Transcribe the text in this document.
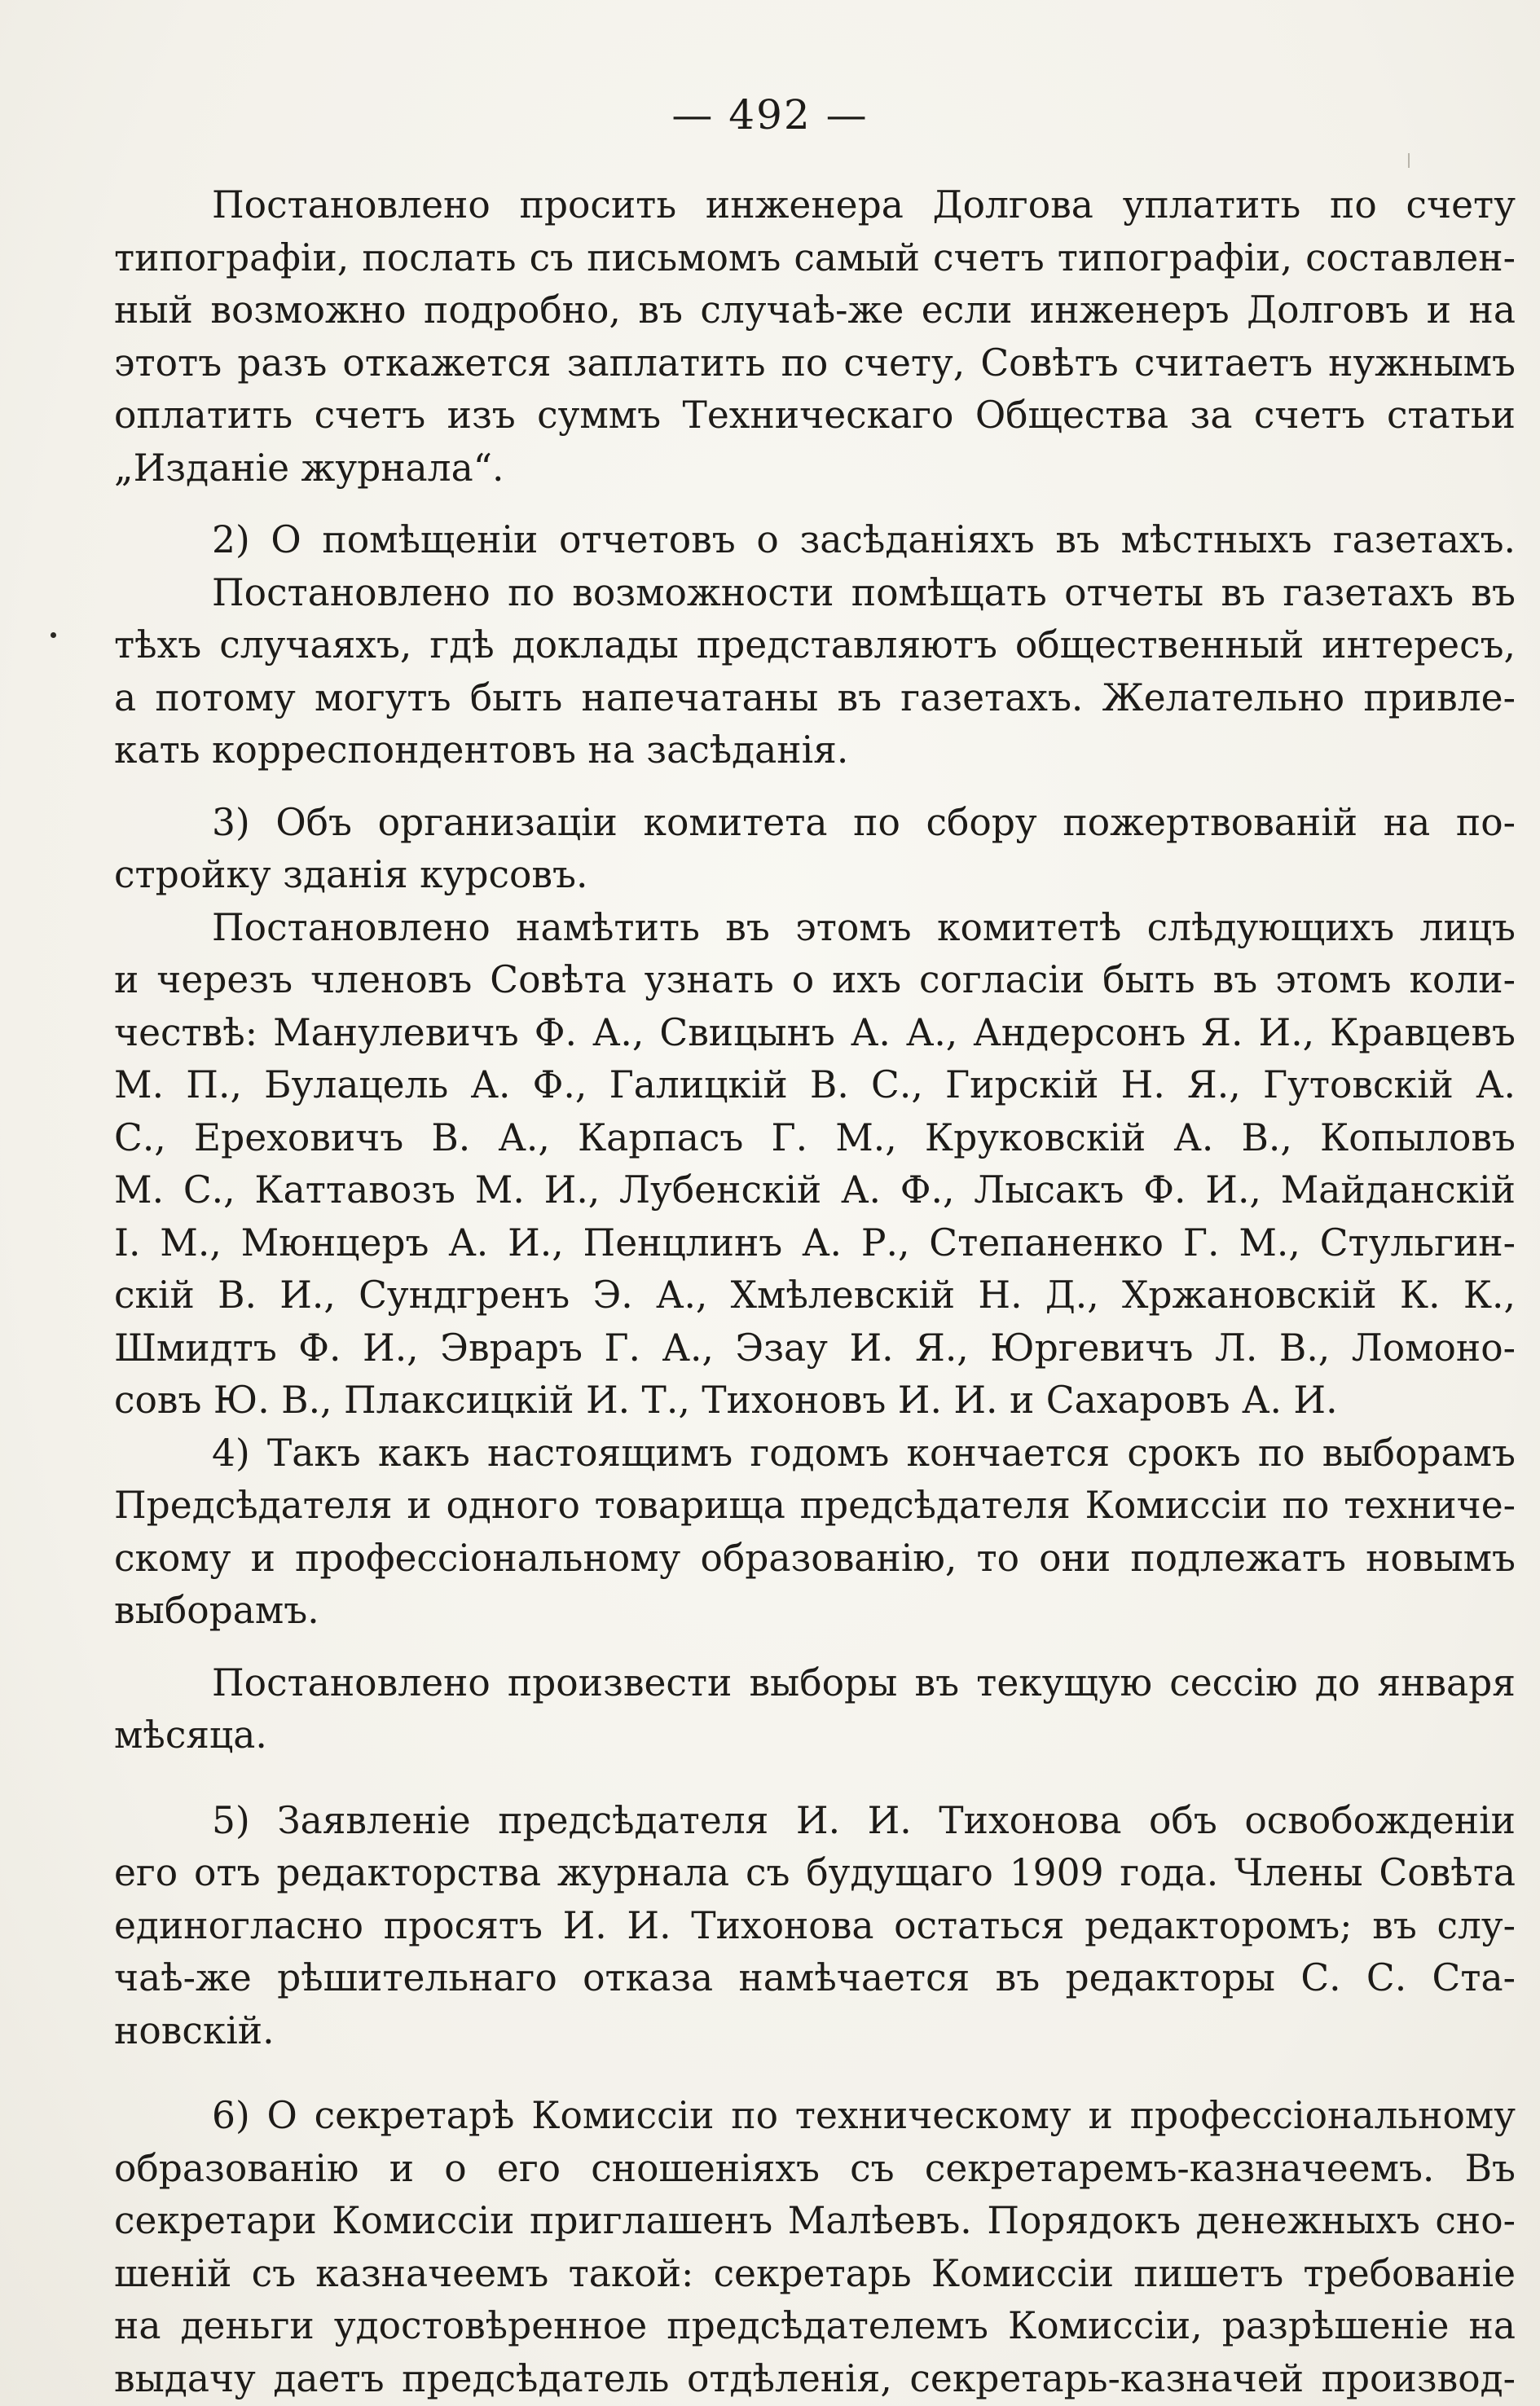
— 492 —
Постановлено просить инженера Долгова уплатить по счету
типографіи, послать съ письмомъ самый счетъ типографіи, составлен-
ный возможно подробно, въ случаѣ-же если инженеръ Долговъ и на
этотъ разъ откажется заплатить по счету, Совѣтъ считаетъ нужнымъ
оплатить счетъ изъ суммъ Техническаго Общества за счетъ статьи
„Изданіе журнала“.
2) О помѣщеніи отчетовъ о засѣданіяхъ въ мѣстныхъ газетахъ.
Постановлено по возможности помѣщать отчеты въ газетахъ въ
тѣхъ случаяхъ, гдѣ доклады представляютъ общественный интересъ,
а потому могутъ быть напечатаны въ газетахъ. Желательно привле-
кать корреспондентовъ на засѣданія.
3) Объ организаціи комитета по сбору пожертвованій на по-
стройку зданія курсовъ.
Постановлено намѣтить въ этомъ комитетѣ слѣдующихъ лицъ
и черезъ членовъ Совѣта узнать о ихъ согласіи быть въ этомъ коли-
чествѣ: Манулевичъ Ф. А., Свицынъ А. А., Андерсонъ Я. И., Кравцевъ
М. П., Булацель А. Ф., Галицкій В. С., Гирскій Н. Я., Гутовскій А.
С., Ереховичъ В. А., Карпасъ Г. М., Круковскій А. В., Копыловъ
М. С., Каттавозъ М. И., Лубенскій А. Ф., Лысакъ Ф. И., Майданскій
І. М., Мюнцеръ А. И., Пенцлинъ А. Р., Степаненко Г. М., Стульгин-
скій В. И., Сундгренъ Э. А., Хмѣлевскій Н. Д., Хржановскій К. К.,
Шмидтъ Ф. И., Эвраръ Г. А., Эзау И. Я., Юргевичъ Л. В., Ломоно-
совъ Ю. В., Плаксицкій И. Т., Тихоновъ И. И. и Сахаровъ А. И.
4) Такъ какъ настоящимъ годомъ кончается срокъ по выборамъ
Предсѣдателя и одного товарища предсѣдателя Комиссіи по техниче-
скому и профессіональному образованію, то они подлежатъ новымъ
выборамъ.
Постановлено произвести выборы въ текущую сессію до января
мѣсяца.
5) Заявленіе предсѣдателя И. И. Тихонова объ освобожденіи
его отъ редакторства журнала съ будущаго 1909 года. Члены Совѣта
единогласно просятъ И. И. Тихонова остаться редакторомъ; въ слу-
чаѣ-же рѣшительнаго отказа намѣчается въ редакторы С. С. Ста-
новскій.
6) О секретарѣ Комиссіи по техническому и профессіональному
образованію и о его сношеніяхъ съ секретаремъ-казначеемъ. Въ
секретари Комиссіи приглашенъ Малѣевъ. Порядокъ денежныхъ сно-
шеній съ казначеемъ такой: секретарь Комиссіи пишетъ требованіе
на деньги удостовѣренное предсѣдателемъ Комиссіи, разрѣшеніе на
выдачу даетъ предсѣдатель отдѣленія, секретарь-казначей производ-
